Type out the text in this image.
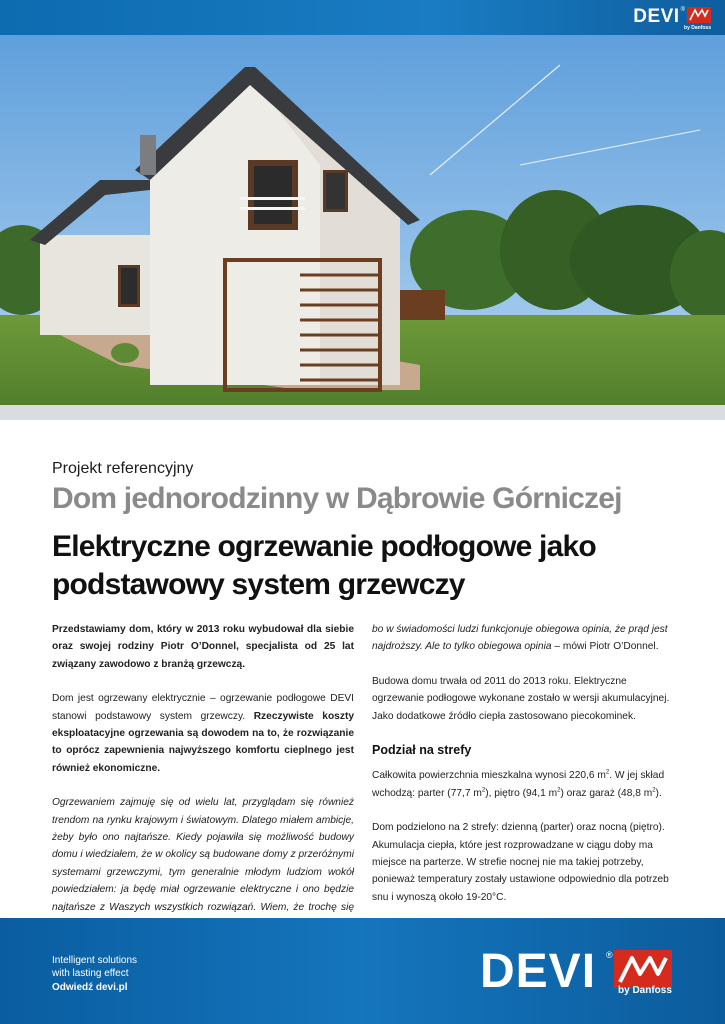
DEVI ®
by Danfoss
Projekt referencyjny
Dom jednorodzinny w Dąbrowie Górniczej
Elektryczne ogrzewanie podłogowe jako
podstawowy system grzewczy

Przedstawiamy dom, który w 2013 roku wybudował dla siebie oraz swojej rodziny Piotr O’Donnel, specjalista od 25 lat związany zawodowo z branżą grzewczą.

Dom jest ogrzewany elektrycznie – ogrzewanie podłogowe DEVI stanowi podstawowy system grzewczy. Rzeczywiste koszty eksploatacyjne ogrzewania są dowodem na to, że rozwiązanie to oprócz zapewnienia najwyższego komfortu cieplnego jest również ekonomiczne.

Ogrzewaniem zajmuję się od wielu lat, przyglądam się również trendom na rynku krajowym i światowym. Dlatego miałem ambicje, żeby było ono najtańsze. Kiedy pojawiła się możliwość budowy domu i wiedziałem, że w okolicy są budowane domy z przeróżnymi systemami grzewczymi, tym generalnie młodym ludziom wokół powiedziałem: ja będę miał ogrzewanie elektryczne i ono będzie najtańsze z Waszych wszystkich rozwiązań. Wiem, że trochę się

bo w świadomości ludzi funkcjonuje obiegowa opinia, że prąd jest najdroższy. Ale to tylko obiegowa opinia – mówi Piotr O’Donnel.

Budowa domu trwała od 2011 do 2013 roku. Elektryczne ogrzewanie podłogowe wykonane zostało w wersji akumulacyjnej. Jako dodatkowe źródło ciepła zastosowano piecokominek.

Podział na strefy

Całkowita powierzchnia mieszkalna wynosi 220,6 $m^2$. W jej skład wchodzą: parter (77,7 $m^2$), piętro (94,1 $m^2$) oraz garaż (48,8 $m^2$).

Dom podzielono na 2 strefy: dzienną (parter) oraz nocną (piętro). Akumulacja ciepła, które jest rozprowadzane w ciągu doby ma miejsce na parterze. W strefie nocnej nie ma takiej potrzeby, ponieważ temperatury zostały ustawione odpowiednio dla potrzeb snu i wynoszą około 19-20°C.

Intelligent solutions
with lasting effect
Odwiedź devi.pl	DEVI ®
by Danfoss
